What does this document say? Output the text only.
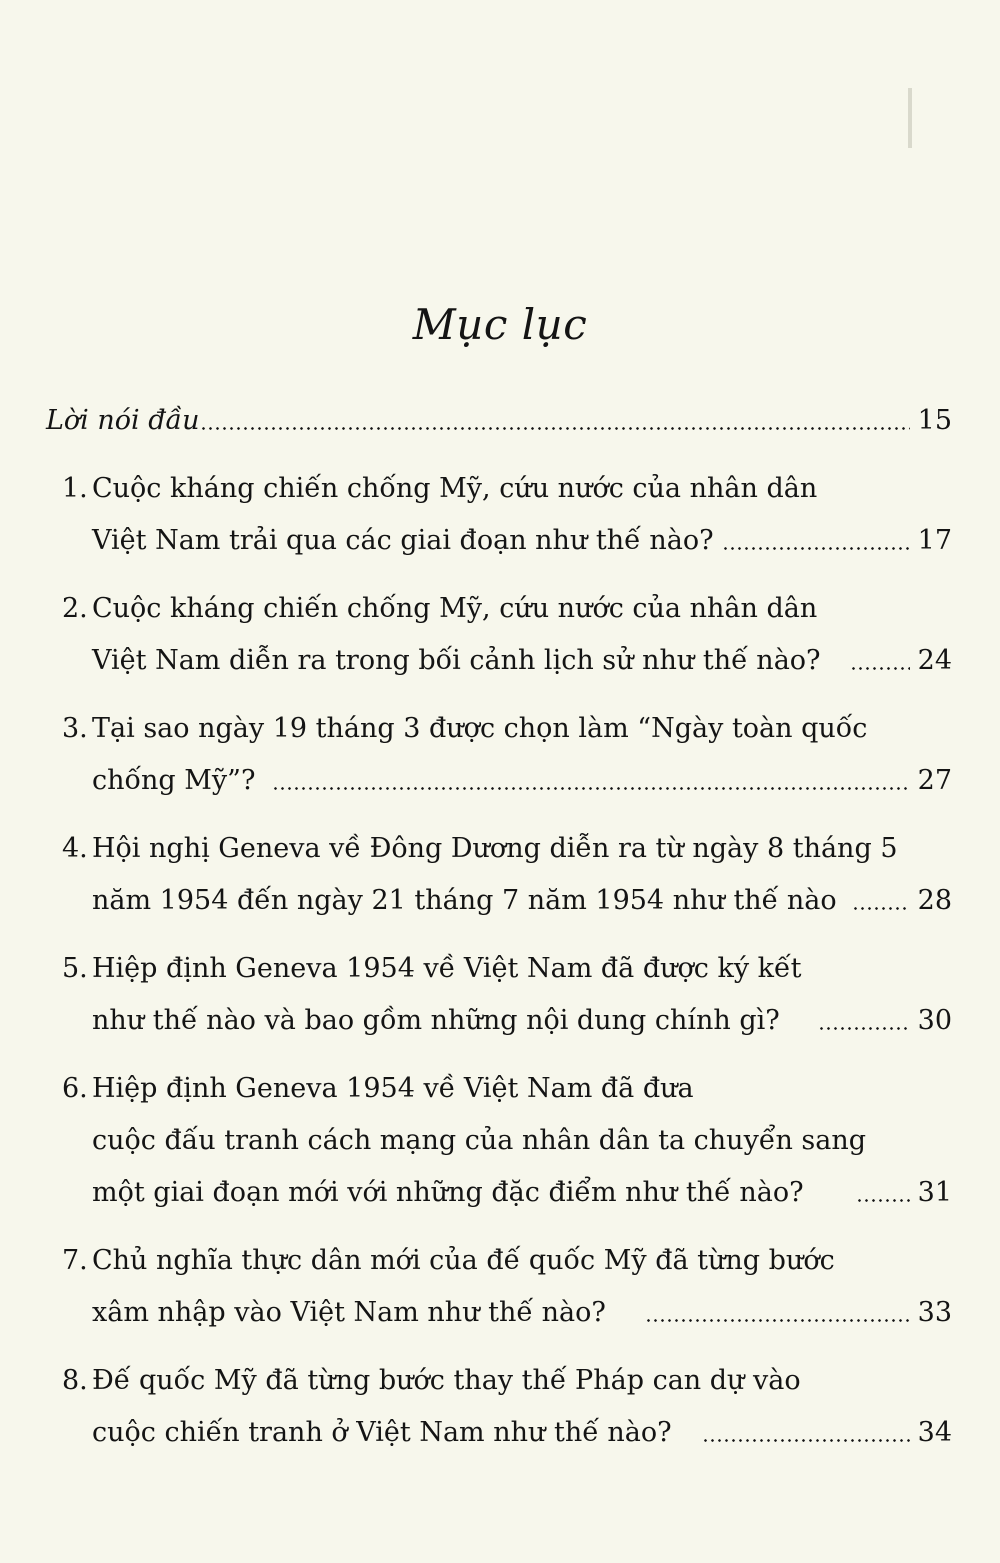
Mục lục
Lời nói đầu	15
1. Cuộc kháng chiến chống Mỹ, cứu nước của nhân dân
Việt Nam trải qua các giai đoạn như thế nào?	17
2. Cuộc kháng chiến chống Mỹ, cứu nước của nhân dân
Việt Nam diễn ra trong bối cảnh lịch sử như thế nào?	24
3. Tại sao ngày 19 tháng 3 được chọn làm “Ngày toàn quốc
chống Mỹ”?	27
4. Hội nghị Geneva về Đông Dương diễn ra từ ngày 8 tháng 5
năm 1954 đến ngày 21 tháng 7 năm 1954 như thế nào	28
5. Hiệp định Geneva 1954 về Việt Nam đã được ký kết
như thế nào và bao gồm những nội dung chính gì?	30
6. Hiệp định Geneva 1954 về Việt Nam đã đưa
cuộc đấu tranh cách mạng của nhân dân ta chuyển sang
một giai đoạn mới với những đặc điểm như thế nào?	31
7. Chủ nghĩa thực dân mới của đế quốc Mỹ đã từng bước
xâm nhập vào Việt Nam như thế nào?	33
8. Đế quốc Mỹ đã từng bước thay thế Pháp can dự vào
cuộc chiến tranh ở Việt Nam như thế nào?	34
